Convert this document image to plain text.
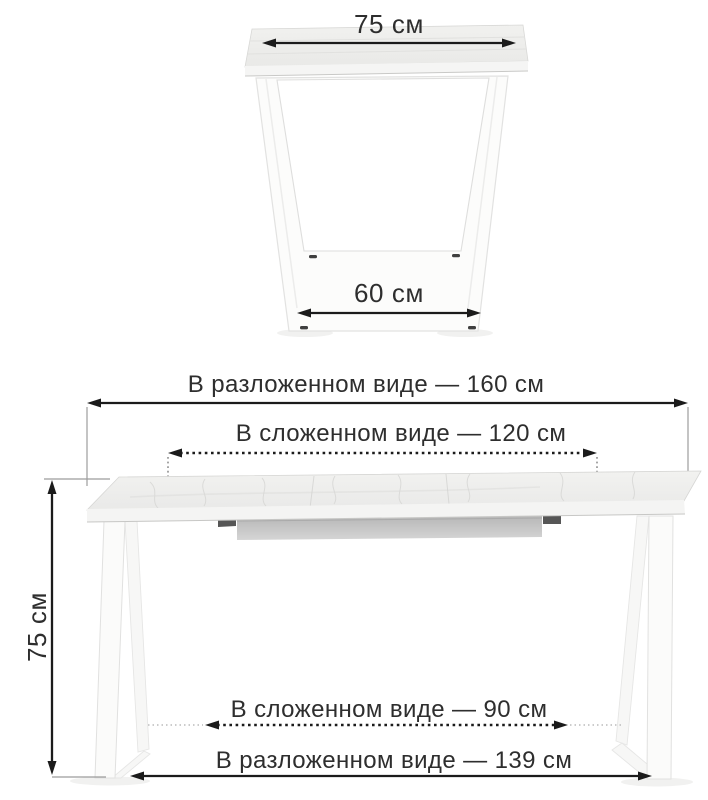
75 см
60 см
В разложенном виде — 160 см
В сложенном виде — 120 см
75 см
В сложенном виде — 90 см
В разложенном виде — 139 см
